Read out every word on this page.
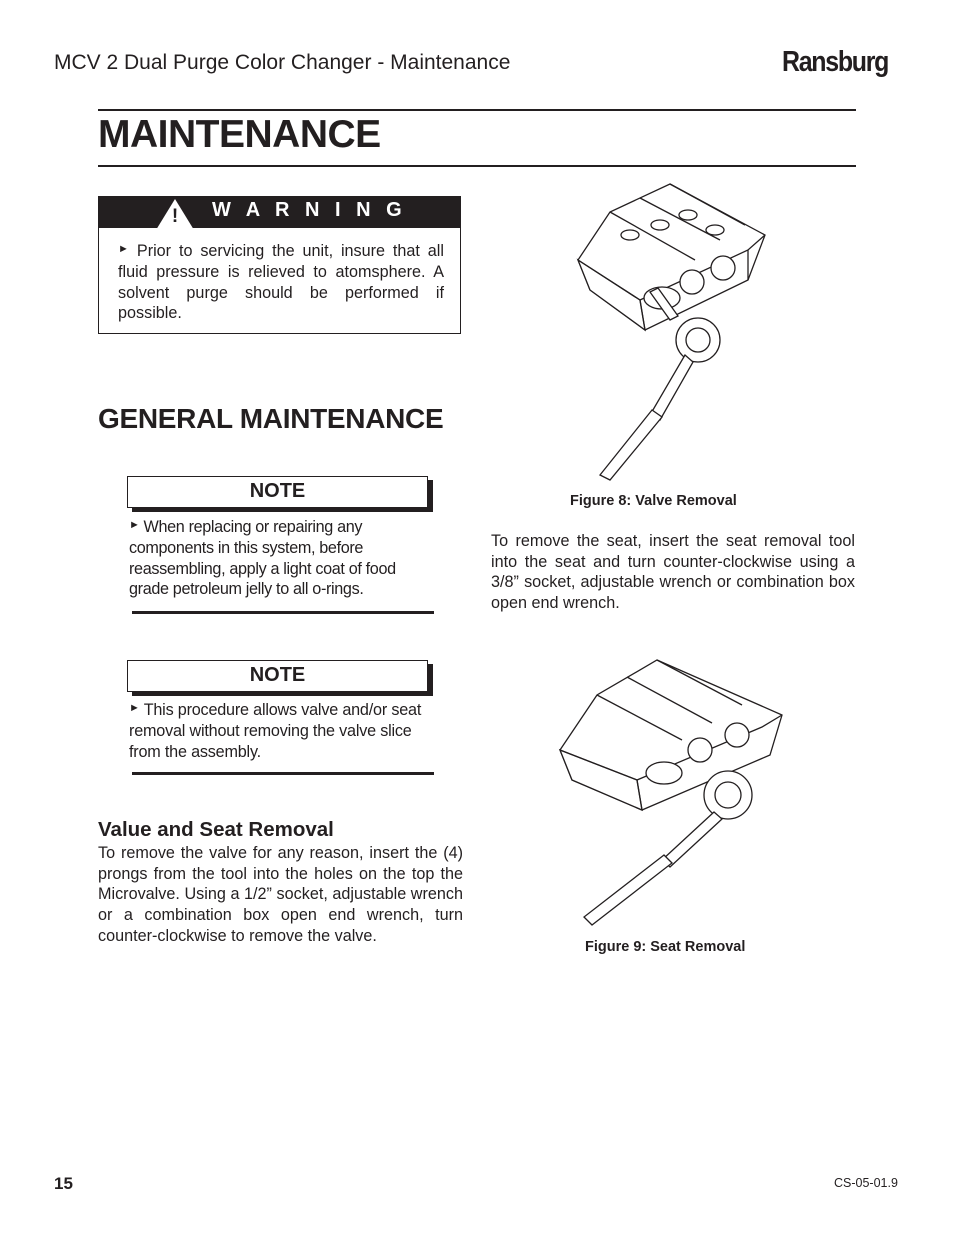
MCV 2 Dual Purge Color Changer - Maintenance	Ransburg
MAINTENANCE
! W A R N I N G
► Prior to servicing the unit, insure that all fluid pressure is relieved to atomsphere. A solvent purge should be performed if possible.
GENERAL MAINTENANCE
NOTE
► When replacing or repairing any components in this system, before reassembling, apply a light coat of food grade petroleum jelly to all o-rings.
NOTE
► This procedure allows valve and/or seat removal without removing the valve slice from the assembly.
Value and Seat Removal
To remove the valve for any reason, insert the (4) prongs from the tool into the holes on the top the Microvalve. Using a 1/2” socket, adjustable wrench or a combination box open end wrench, turn counter-clockwise to remove the valve.
Figure 8: Valve Removal
To remove the seat, insert the seat removal tool into the seat and turn counter-clockwise using a 3/8” socket, adjustable wrench or combination box open end wrench.
Figure 9: Seat Removal
15	CS-05-01.9
